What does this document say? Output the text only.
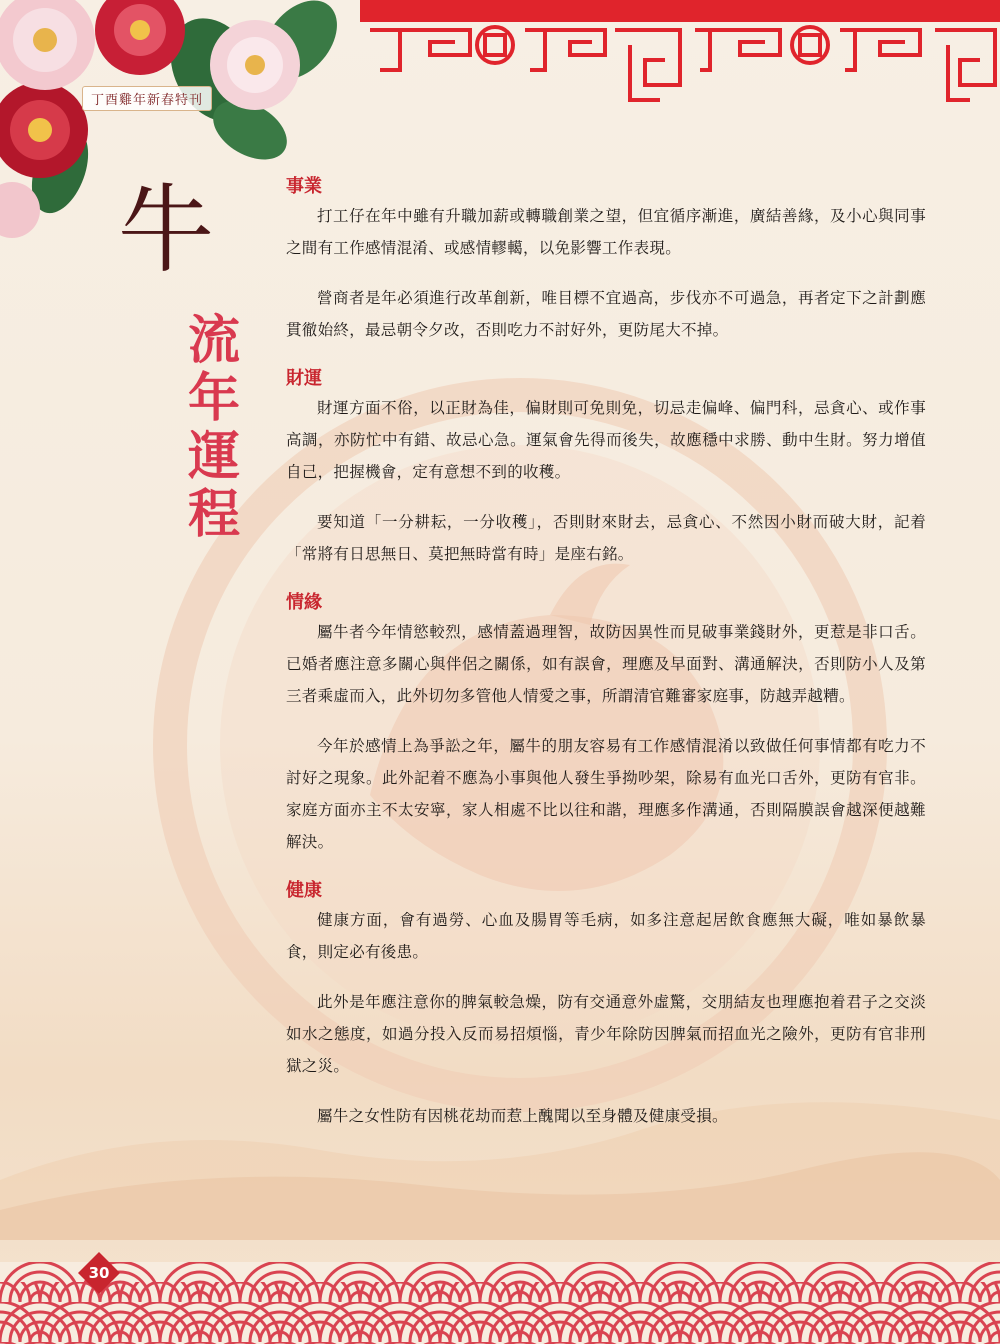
丁酉雞年新春特刊
牛
流
年
運
程
事業

打工仔在年中雖有升職加薪或轉職創業之望，但宜循序漸進，廣結善緣，及小心與同事之間有工作感情混淆、或感情轇轕，以免影響工作表現。

營商者是年必須進行改革創新，唯目標不宜過高，步伐亦不可過急，再者定下之計劃應貫徹始終，最忌朝令夕改，否則吃力不討好外，更防尾大不掉。

財運

財運方面不俗，以正財為佳，偏財則可免則免，切忌走偏峰、偏門科，忌貪心、或作事高調，亦防忙中有錯、故忌心急。運氣會先得而後失，故應穩中求勝、動中生財。努力增值自己，把握機會，定有意想不到的收穫。

要知道「一分耕耘，一分收穫」，否則財來財去，忌貪心、不然因小財而破大財，記着「常將有日思無日、莫把無時當有時」是座右銘。

情緣

屬牛者今年情慾較烈，感情蓋過理智，故防因異性而見破事業錢財外，更惹是非口舌。已婚者應注意多關心與伴侶之關係，如有誤會，理應及早面對、溝通解決，否則防小人及第三者乘虛而入，此外切勿多管他人情愛之事，所謂清官難審家庭事，防越弄越糟。

今年於感情上為爭訟之年，屬牛的朋友容易有工作感情混淆以致做任何事情都有吃力不討好之現象。此外記着不應為小事與他人發生爭拗吵架，除易有血光口舌外，更防有官非。家庭方面亦主不太安寧，家人相處不比以往和諧，理應多作溝通，否則隔膜誤會越深便越難解決。

健康

健康方面，會有過勞、心血及腸胃等毛病，如多注意起居飲食應無大礙，唯如暴飲暴食，則定必有後患。

此外是年應注意你的脾氣較急燥，防有交通意外虛驚，交朋結友也理應抱着君子之交淡如水之態度，如過分投入反而易招煩惱，青少年除防因脾氣而招血光之險外，更防有官非刑獄之災。

屬牛之女性防有因桃花劫而惹上醜聞以至身體及健康受損。

30
